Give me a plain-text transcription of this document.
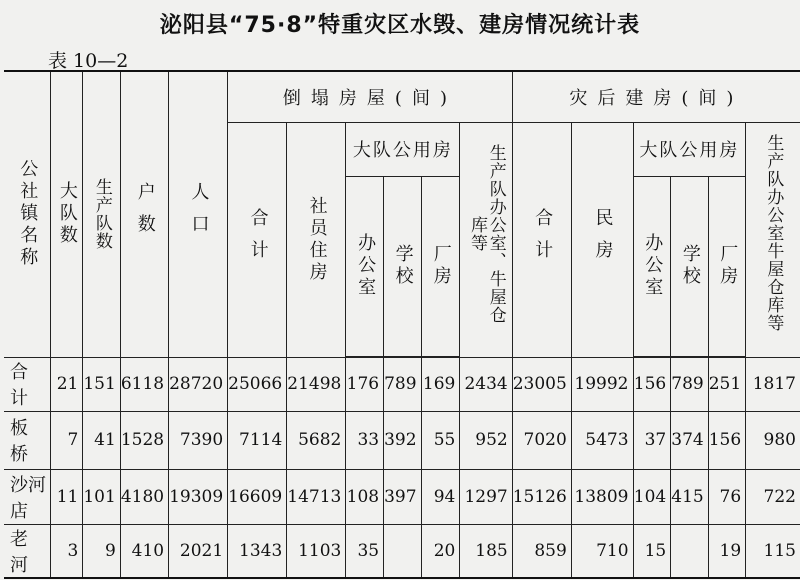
泌阳县“75·8”特重灾区水毁、建房情况统计表
表 10—2
公社镇名称	大队数	生产队数	户数	人口	倒塌房屋(间)						灾后建房(间)					

					合计	社员住房	大队公用房			生产队办公室、牛屋仓库等	合计	民房	大队公用房			生产队办公室牛屋仓库等

							办公室	学校	厂房				办公室	学校	厂房	

合 计	21	151	6118	28720	25066	21498	176	789	169	2434	23005	19992	156	789	251	1817
板 桥	7	41	1528	7390	7114	5682	33	392	55	952	7020	5473	37	374	156	980
沙河店	11	101	4180	19309	16609	14713	108	397	94	1297	15126	13809	104	415	76	722
老 河	3	9	410	2021	1343	1103	35		20	185	859	710	15		19	115
